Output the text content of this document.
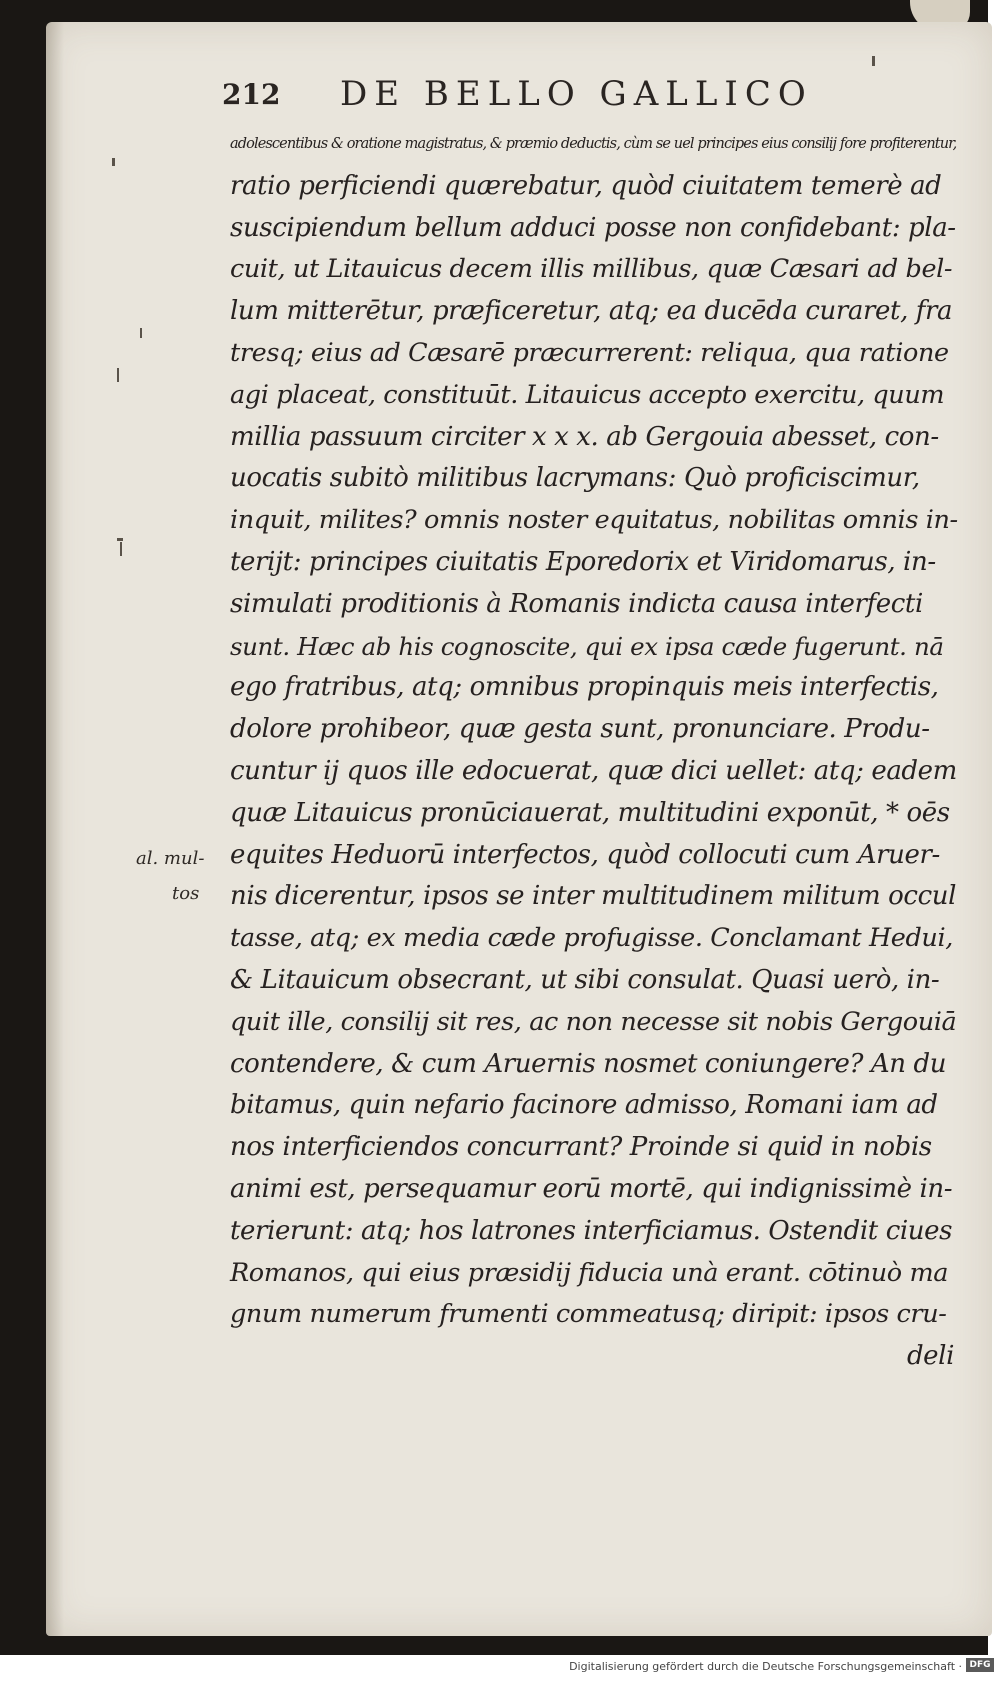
212 DE BELLO GALLICO
adolescentibus & oratione magistratus, & præmio deductis, cùm se uel principes eius consilij fore profiterentur,
ratio perficiendi quærebatur, quòd ciuitatem temerè ad
suscipiendum bellum adduci posse non confidebant: pla-
cuit, ut Litauicus decem illis millibus, quæ Cæsari ad bel-
lum mitterētur, præficeretur, atq; ea ducēda curaret, fra
tresq; eius ad Cæsarē præcurrerent: reliqua, qua ratione
agi placeat, constituūt. Litauicus accepto exercitu, quum
millia passuum circiter x x x. ab Gergouia abesset, con-
uocatis subitò militibus lacrymans: Quò proficiscimur,
inquit, milites? omnis noster equitatus, nobilitas omnis in-
terijt: principes ciuitatis Eporedorix et Viridomarus, in-
simulati proditionis à Romanis indicta causa interfecti
sunt. Hæc ab his cognoscite, qui ex ipsa cæde fugerunt. nā
ego fratribus, atq; omnibus propinquis meis interfectis,
dolore prohibeor, quæ gesta sunt, pronunciare. Produ-
cuntur ij quos ille edocuerat, quæ dici uellet: atq; eadem
quæ Litauicus pronūciauerat, multitudini exponūt, * oēs
equites Heduorū interfectos, quòd collocuti cum Aruer-
nis dicerentur, ipsos se inter multitudinem militum occul
tasse, atq; ex media cæde profugisse. Conclamant Hedui,
& Litauicum obsecrant, ut sibi consulat. Quasi uerò, in-
quit ille, consilij sit res, ac non necesse sit nobis Gergouiā
contendere, & cum Aruernis nosmet coniungere? An du
bitamus, quin nefario facinore admisso, Romani iam ad
nos interficiendos concurrant? Proinde si quid in nobis
animi est, persequamur eorū mortē, qui indignissimè in-
terierunt: atq; hos latrones interficiamus. Ostendit ciues
Romanos, qui eius præsidij fiducia unà erant. cōtinuò ma
gnum numerum frumenti commeatusq; diripit: ipsos cru-
deli
al. mul-
tos
Digitalisierung gefördert durch die Deutsche Forschungsgemeinschaft · DFG
